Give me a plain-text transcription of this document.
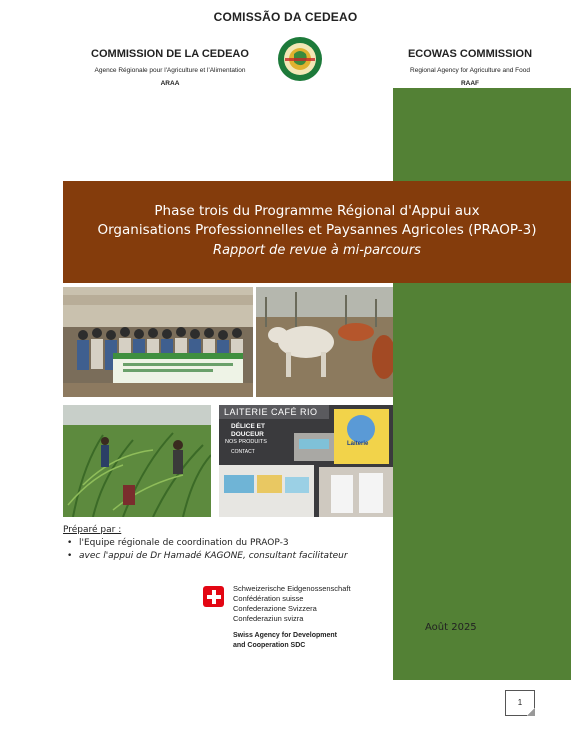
COMISSÃO DA CEDEAO
COMMISSION DE LA CEDEAO
Agence Régionale pour l'Agriculture et l'Alimentation
ARAA
ECOWAS COMMISSION
Regional Agency for Agriculture and Food
RAAF
Phase trois du Programme Régional d'Appui aux
Organisations Professionnelles et Paysannes Agricoles (PRAOP-3)
Rapport de revue à mi-parcours
LAITERIE CAFÉ RIO
DÉLICE ET
DOUCEUR
NOS PRODUITS
CONTACT
Laiterie
Préparé par :
• l'Equipe régionale de coordination du PRAOP-3
• avec l'appui de Dr Hamadé KAGONE, consultant facilitateur
Schweizerische Eidgenossenschaft
Confédération suisse
Confederazione Svizzera
Confederaziun svizra
Swiss Agency for Development
and Cooperation SDC
Août 2025
1
